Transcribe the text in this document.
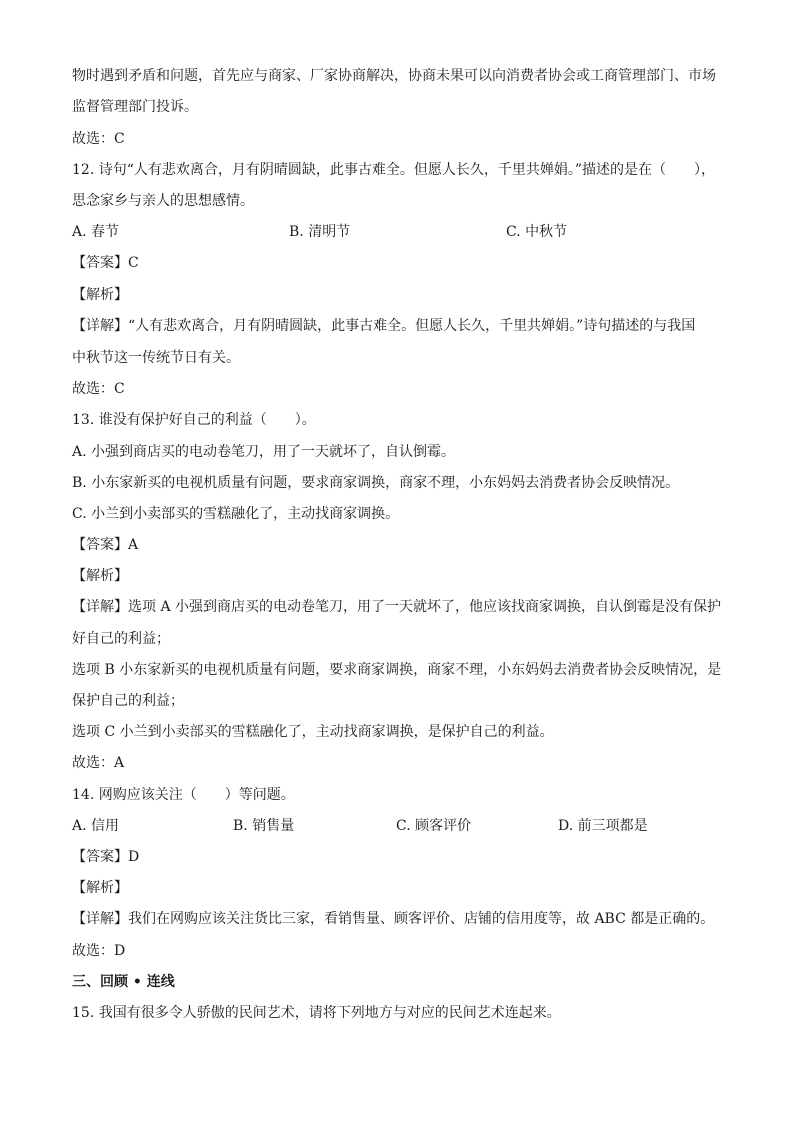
物时遇到矛盾和问题，首先应与商家、厂家协商解决，协商未果可以向消费者协会或工商管理部门、市场
监督管理部门投诉。
故选：C
12. 诗句“人有悲欢离合，月有阴晴圆缺，此事古难全。但愿人长久，千里共婵娟。”描述的是在（　　），
思念家乡与亲人的思想感情。
A. 春节	B. 清明节	C. 中秋节
【答案】C
【解析】
【详解】“人有悲欢离合，月有阴晴圆缺，此事古难全。但愿人长久，千里共婵娟。”诗句描述的与我国
中秋节这一传统节日有关。
故选：C
13. 谁没有保护好自己的利益（　　）。
A. 小强到商店买的电动卷笔刀，用了一天就坏了，自认倒霉。
B. 小东家新买的电视机质量有问题，要求商家调换，商家不理，小东妈妈去消费者协会反映情况。
C. 小兰到小卖部买的雪糕融化了，主动找商家调换。
【答案】A
【解析】
【详解】选项 A 小强到商店买的电动卷笔刀，用了一天就坏了，他应该找商家调换，自认倒霉是没有保护
好自己的利益；
选项 B 小东家新买的电视机质量有问题，要求商家调换，商家不理，小东妈妈去消费者协会反映情况，是
保护自己的利益；
选项 C 小兰到小卖部买的雪糕融化了，主动找商家调换，是保护自己的利益。
故选：A
14. 网购应该关注（　　）等问题。
A. 信用	B. 销售量	C. 顾客评价	D. 前三项都是
【答案】D
【解析】
【详解】我们在网购应该关注货比三家，看销售量、顾客评价、店铺的信用度等，故 ABC 都是正确的。
故选：D
三、回顾 • 连线
15. 我国有很多令人骄傲的民间艺术，请将下列地方与对应的民间艺术连起来。
